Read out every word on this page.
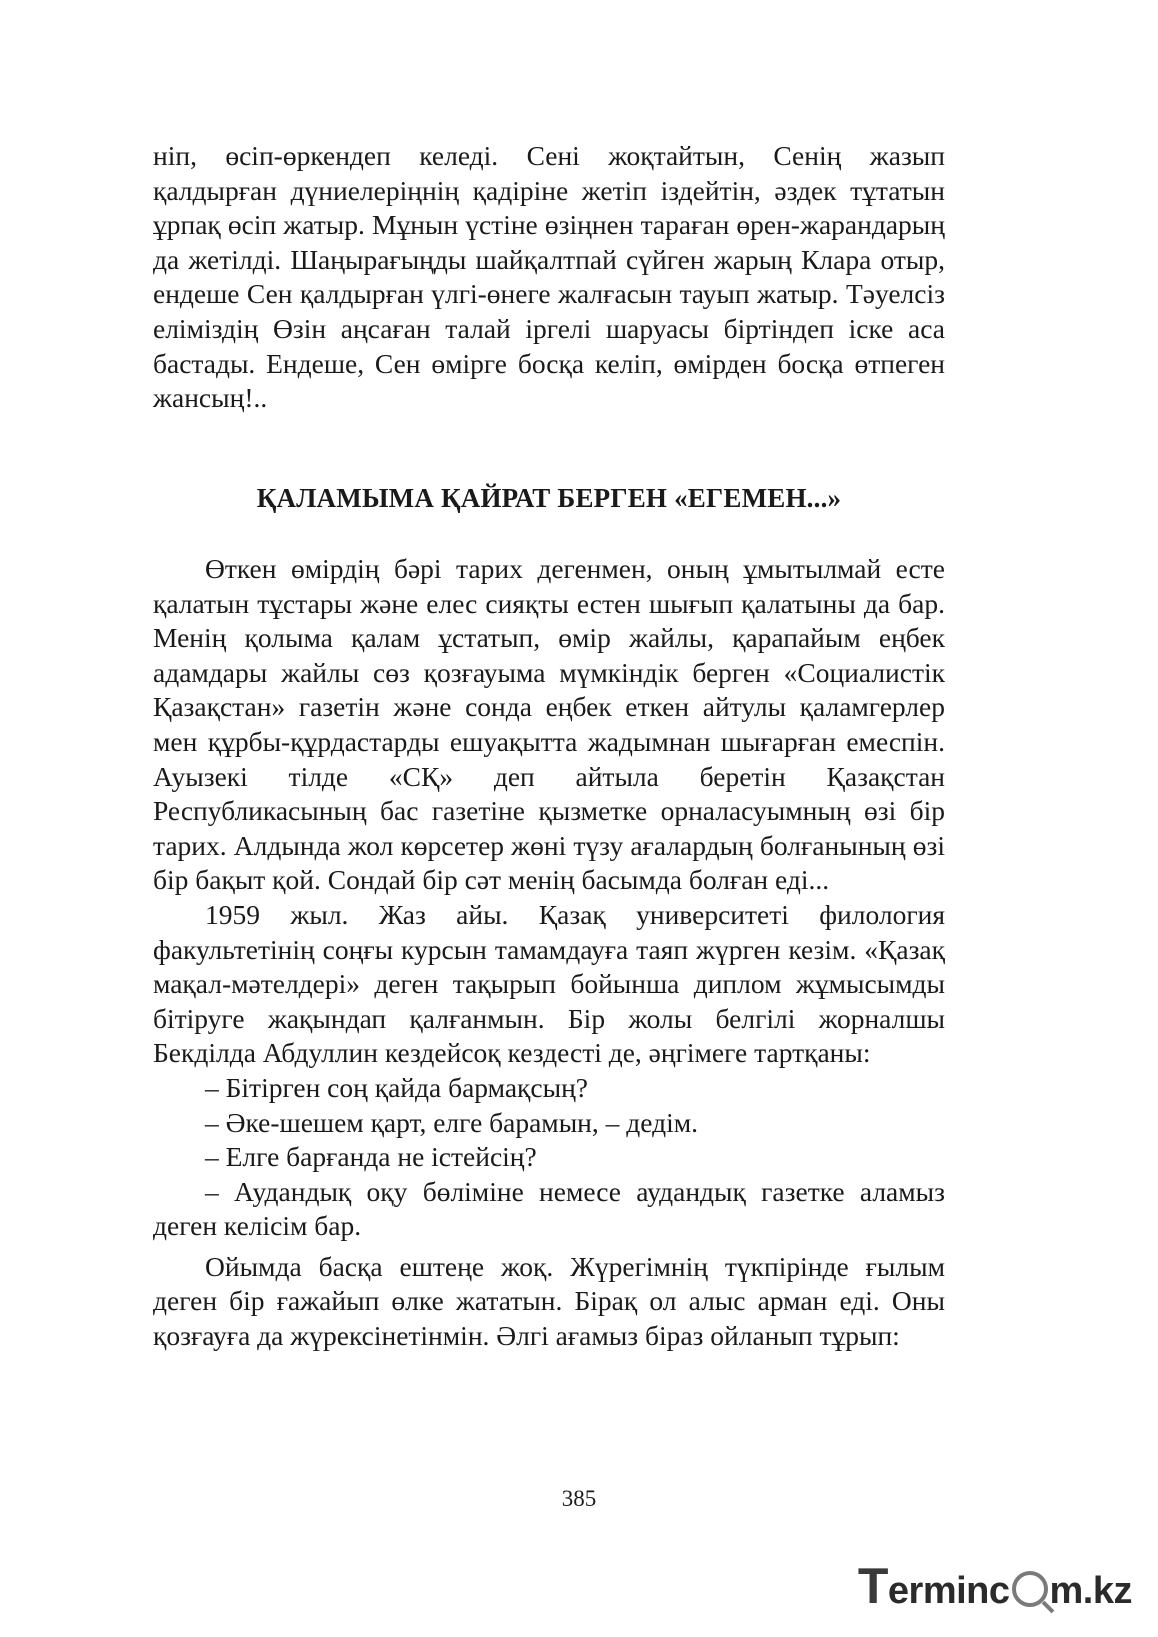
ніп, өсіп-өркендеп келеді. Сені жоқтайтын, Сенің жазып қалдырған дүниелеріңнің қадіріне жетіп іздейтін, әздек тұтатын ұрпақ өсіп жатыр. Мұнын үстіне өзіңнен тараған өрен-жарандарың да жетілді. Шаңырағыңды шайқалтпай сүйген жарың Клара отыр, ендеше Сен қалдырған үлгі-өнеге жалғасын тауып жатыр. Тәуелсіз еліміздің Өзін аңсаған талай іргелі шаруасы біртіндеп іске аса бастады. Ендеше, Сен өмірге босқа келіп, өмірден босқа өтпеген жансың!..

ҚАЛАМЫМА ҚАЙРАТ БЕРГЕН «ЕГЕМЕН...»

Өткен өмірдің бәрі тарих дегенмен, оның ұмытылмай есте қалатын тұстары және елес сияқты естен шығып қалатыны да бар. Менің қолыма қалам ұстатып, өмір жайлы, қарапайым еңбек адамдары жайлы сөз қозғауыма мүмкіндік берген «Социалистік Қазақстан» газетін және сонда еңбек еткен айтулы қаламгерлер мен құрбы-құрдастарды ешуақытта жадымнан шығарған емеспін. Ауызекі тілде «СҚ» деп айтыла беретін Қазақстан Республикасының бас газетіне қызметке орналасуымның өзі бір тарих. Алдында жол көрсетер жөні түзу ағалардың болғанының өзі бір бақыт қой. Сондай бір сәт менің басымда болған еді...

1959 жыл. Жаз айы. Қазақ университеті филология факультетінің соңғы курсын тамамдауға таяп жүрген кезім. «Қазақ мақал-мәтелдері» деген тақырып бойынша диплом жұмысымды бітіруге жақындап қалғанмын. Бір жолы белгілі жорналшы Бекділда Абдуллин кездейсоқ кездесті де, әңгімеге тартқаны:

– Бітірген соң қайда бармақсың?

– Әке-шешем қарт, елге барамын, – дедім.

– Елге барғанда не істейсің?

– Аудандық оқу бөліміне немесе аудандық газетке аламыз деген келісім бар.

Ойымда басқа ештеңе жоқ. Жүрегімнің түкпірінде ғылым деген бір ғажайып өлке жататын. Бірақ ол алыс арман еді. Оны қозғауға да жүрексінетінмін. Әлгі ағамыз біраз ойланып тұрып:

385
Terminc m.kz
